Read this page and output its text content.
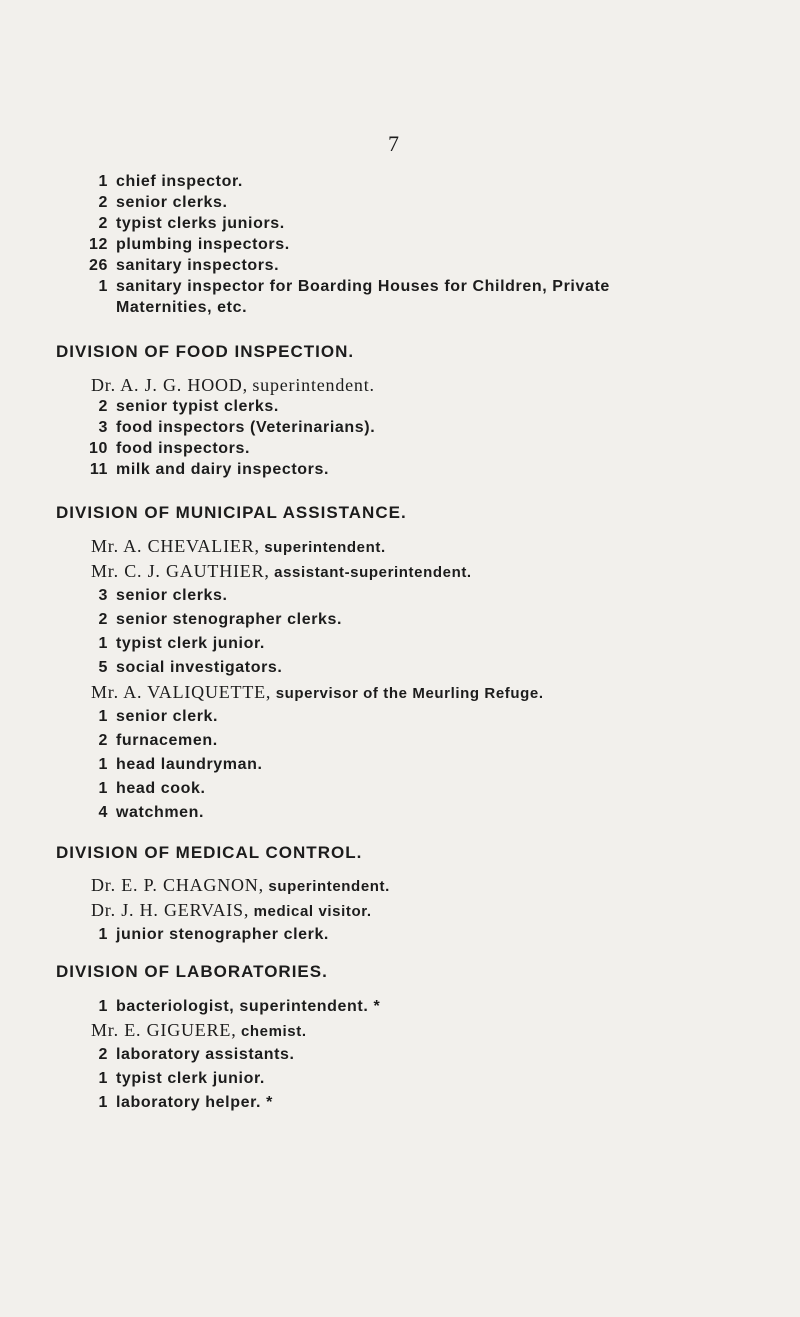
7
1 chief inspector.
2 senior clerks.
2 typist clerks juniors.
12 plumbing inspectors.
26 sanitary inspectors.
1 sanitary inspector for Boarding Houses for Children, Private
Maternities, etc.
DIVISION OF FOOD INSPECTION.
Dr. A. J. G. HOOD, superintendent.
2 senior typist clerks.
3 food inspectors (Veterinarians).
10 food inspectors.
11 milk and dairy inspectors.
DIVISION OF MUNICIPAL ASSISTANCE.
Mr. A. CHEVALIER, superintendent.
Mr. C. J. GAUTHIER, assistant-superintendent.
3 senior clerks.
2 senior stenographer clerks.
1 typist clerk junior.
5 social investigators.
Mr. A. VALIQUETTE, supervisor of the Meurling Refuge.
1 senior clerk.
2 furnacemen.
1 head laundryman.
1 head cook.
4 watchmen.
DIVISION OF MEDICAL CONTROL.
Dr. E. P. CHAGNON, superintendent.
Dr. J. H. GERVAIS, medical visitor.
1 junior stenographer clerk.
DIVISION OF LABORATORIES.
1 bacteriologist, superintendent. *
Mr. E. GIGUERE, chemist.
2 laboratory assistants.
1 typist clerk junior.
1 laboratory helper. *
